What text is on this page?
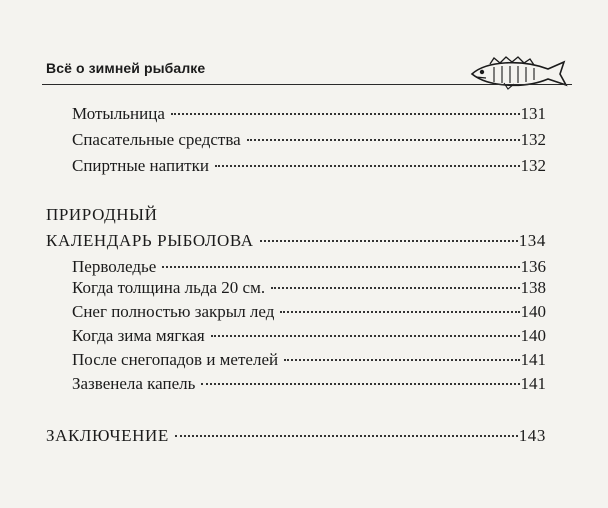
Всё о зимней рыбалке
Мотыльница	131
Спасательные средства	132
Спиртные напитки	132
ПРИРОДНЫЙ
КАЛЕНДАРЬ РЫБОЛОВА	134
Перволедье	136
Когда толщина льда 20 см.	138
Снег полностью закрыл лед	140
Когда зима мягкая	140
После снегопадов и метелей	141
Зазвенела капель	141
ЗАКЛЮЧЕНИЕ	143
